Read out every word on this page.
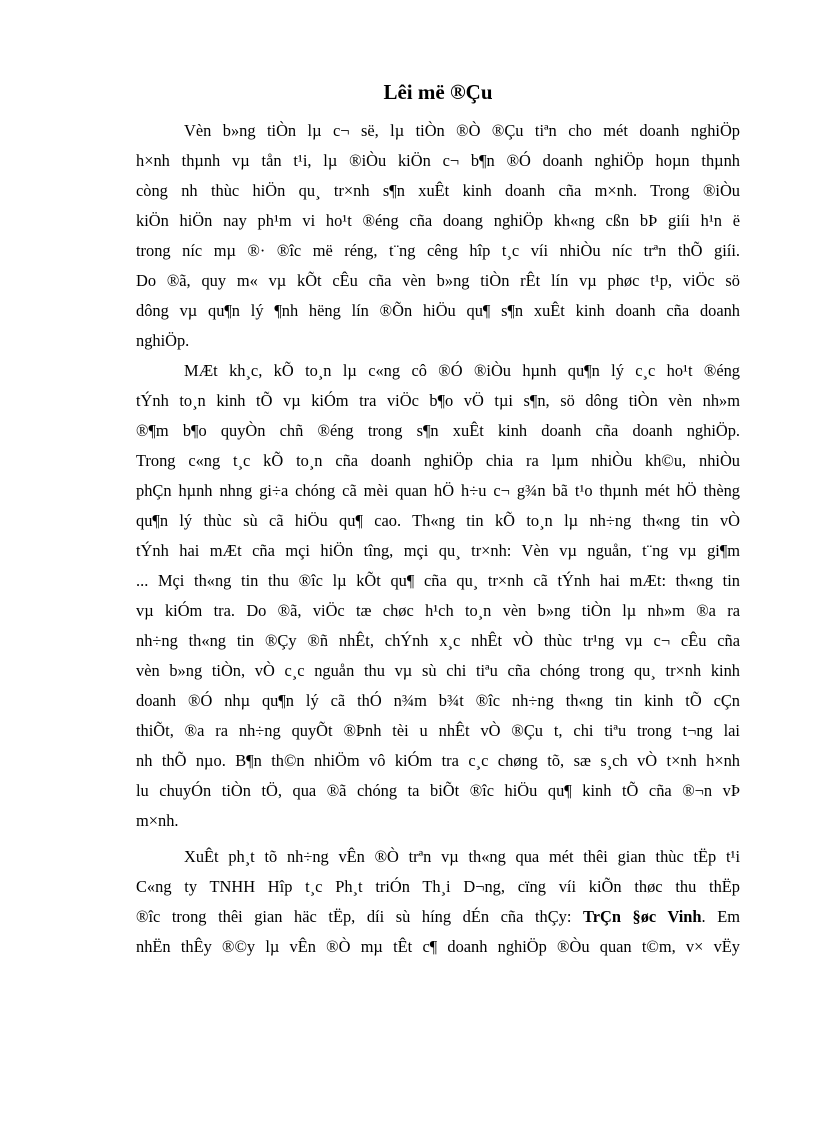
Lêi më ®Çu
Vèn b»ng tiÒn lµ c¬ së, lµ tiÒn ®Ò ®Çu tiªn cho mét doanh nghiÖp
h×nh thµnh vµ tån t¹i, lµ ®iÒu kiÖn c¬ b¶n ®Ó doanh nghiÖp hoµn thµnh
còng nh thùc hiÖn qu¸ tr×nh s¶n xuÊt kinh doanh cña m×nh. Trong ®iÒu
kiÖn hiÖn nay ph¹m vi ho¹t ®éng cña doang nghiÖp kh«ng cßn bÞ giíi h¹n ë
trong níc mµ ®· ®îc më réng, t¨ng cêng hîp t¸c víi nhiÒu níc trªn thÕ giíi.
Do ®ã, quy m« vµ kÕt cÊu cña vèn b»ng tiÒn rÊt lín vµ phøc t¹p, viÖc sö
dông vµ qu¶n lý ¶nh hëng lín ®Õn hiÖu qu¶ s¶n xuÊt kinh doanh cña doanh
nghiÖp.
MÆt kh¸c, kÕ to¸n lµ c«ng cô ®Ó ®iÒu hµnh qu¶n lý c¸c ho¹t ®éng
tÝnh to¸n kinh tÕ vµ kiÓm tra viÖc b¶o vÖ tµi s¶n, sö dông tiÒn vèn nh»m
®¶m b¶o quyÒn chñ ®éng trong s¶n xuÊt kinh doanh cña doanh nghiÖp.
Trong c«ng t¸c kÕ to¸n cña doanh nghiÖp chia ra lµm nhiÒu kh©u, nhiÒu
phÇn hµnh nhng gi÷a chóng cã mèi quan hÖ h÷u c¬ g¾n bã t¹o thµnh mét hÖ thèng
qu¶n lý thùc sù cã hiÖu qu¶ cao. Th«ng tin kÕ to¸n lµ nh÷ng th«ng tin vÒ
tÝnh hai mÆt cña mçi hiÖn tîng, mçi qu¸ tr×nh: Vèn vµ nguån, t¨ng vµ gi¶m
... Mçi th«ng tin thu ®îc lµ kÕt qu¶ cña qu¸ tr×nh cã tÝnh hai mÆt: th«ng tin
vµ kiÓm tra. Do ®ã, viÖc tæ chøc h¹ch to¸n vèn b»ng tiÒn lµ nh»m ®a ra
nh÷ng th«ng tin ®Çy ®ñ nhÊt, chÝnh x¸c nhÊt vÒ thùc tr¹ng vµ c¬ cÊu cña
vèn b»ng tiÒn, vÒ c¸c nguån thu vµ sù chi tiªu cña chóng trong qu¸ tr×nh kinh
doanh ®Ó nhµ qu¶n lý cã thÓ n¾m b¾t ®îc nh÷ng th«ng tin kinh tÕ cÇn
thiÕt, ®a ra nh÷ng quyÕt ®Þnh tèi u nhÊt vÒ ®Çu t, chi tiªu trong t¬ng lai
nh thÕ nµo. B¶n th©n nhiÖm vô kiÓm tra c¸c chøng tõ, sæ s¸ch vÒ t×nh h×nh
lu chuyÓn tiÒn tÖ, qua ®ã chóng ta biÕt ®îc hiÖu qu¶ kinh tÕ cña ®¬n vÞ
m×nh.
XuÊt ph¸t tõ nh÷ng vÊn ®Ò trªn vµ th«ng qua mét thêi gian thùc tËp t¹i
C«ng ty TNHH Hîp t¸c Ph¸t triÓn Th¸i D¬ng, cïng víi kiÕn thøc thu thËp
®îc trong thêi gian häc tËp, díi sù híng dÉn cña thÇy: TrÇn §øc Vinh. Em
nhËn thÊy ®©y lµ vÊn ®Ò mµ tÊt c¶ doanh nghiÖp ®Òu quan t©m, v× vËy
